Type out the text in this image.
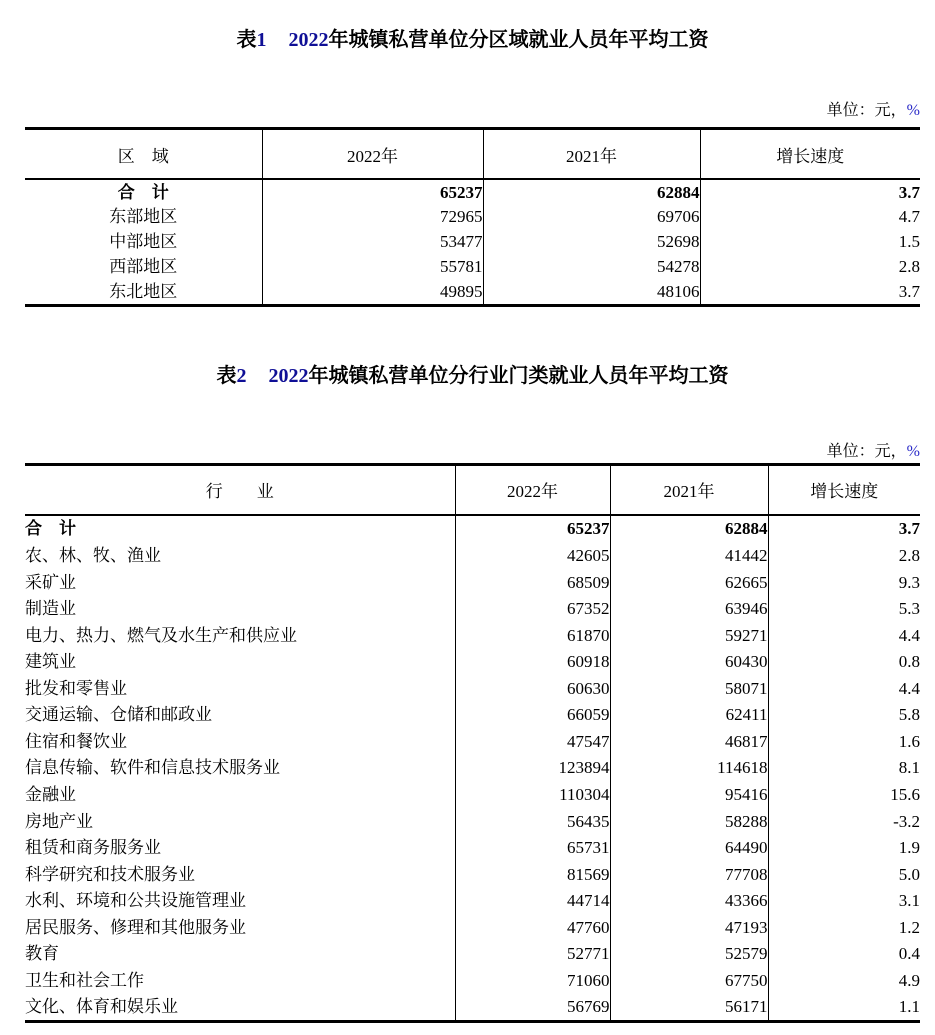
表1 2022年城镇私营单位分区域就业人员年平均工资
单位：元，%
区　域	2022年	2021年	增长速度
合　计	65237	62884	3.7
东部地区	72965	69706	4.7
中部地区	53477	52698	1.5
西部地区	55781	54278	2.8
东北地区	49895	48106	3.7
表2 2022年城镇私营单位分行业门类就业人员年平均工资
单位：元，%
行　　业	2022年	2021年	增长速度
合　计	65237	62884	3.7
农、林、牧、渔业	42605	41442	2.8
采矿业	68509	62665	9.3
制造业	67352	63946	5.3
电力、热力、燃气及水生产和供应业	61870	59271	4.4
建筑业	60918	60430	0.8
批发和零售业	60630	58071	4.4
交通运输、仓储和邮政业	66059	62411	5.8
住宿和餐饮业	47547	46817	1.6
信息传输、软件和信息技术服务业	123894	114618	8.1
金融业	110304	95416	15.6
房地产业	56435	58288	-3.2
租赁和商务服务业	65731	64490	1.9
科学研究和技术服务业	81569	77708	5.0
水利、环境和公共设施管理业	44714	43366	3.1
居民服务、修理和其他服务业	47760	47193	1.2
教育	52771	52579	0.4
卫生和社会工作	71060	67750	4.9
文化、体育和娱乐业	56769	56171	1.1
